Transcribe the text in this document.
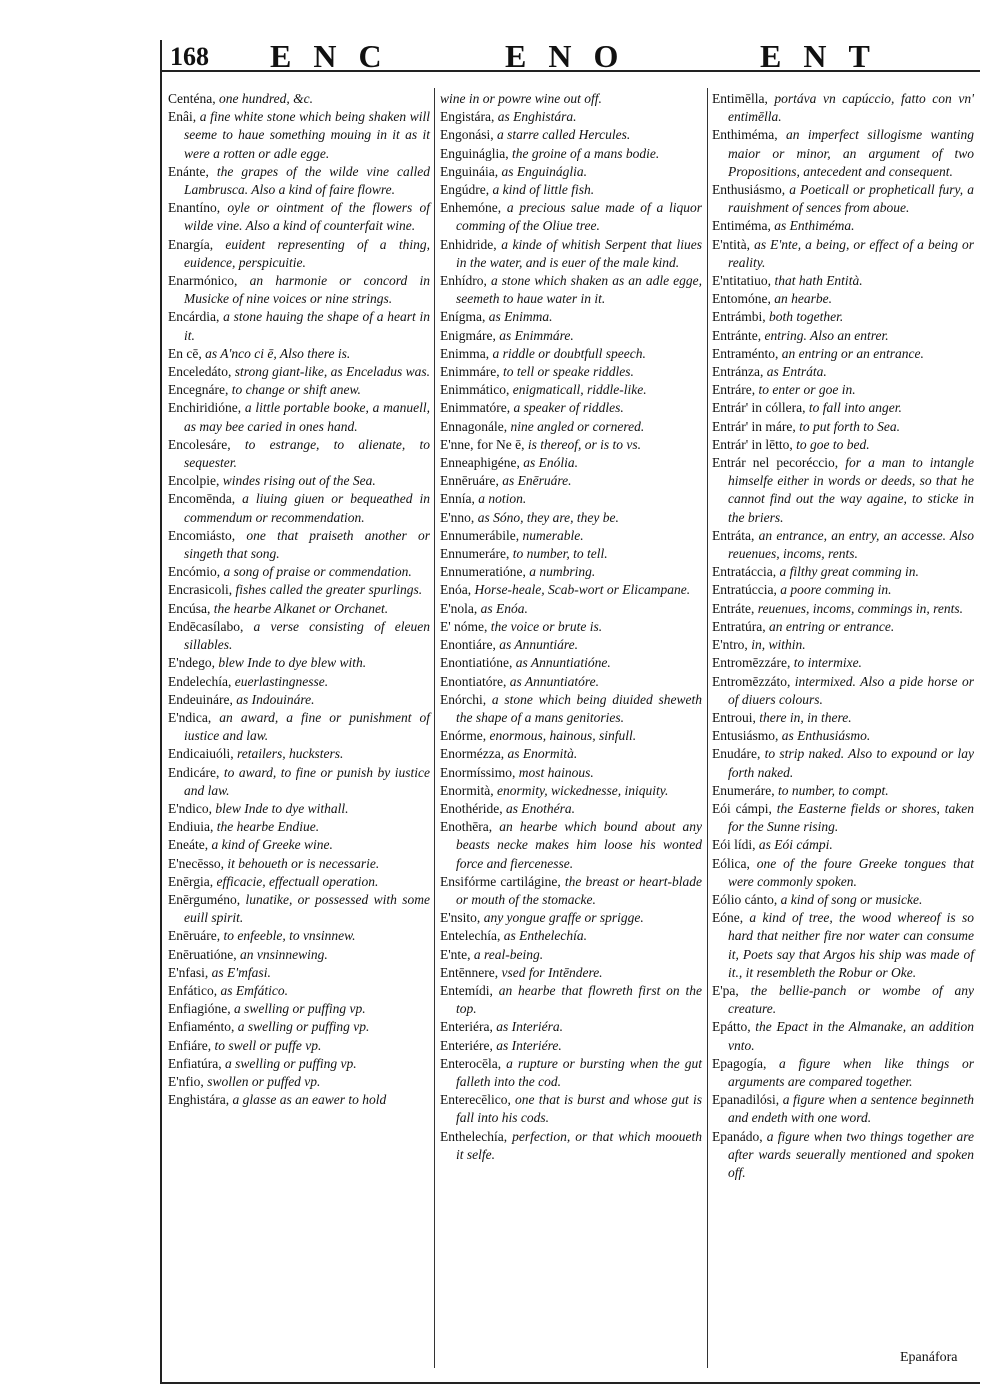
168 ENC	ENO	ENT
Centéna, one hundred, &c.
Enâi, a fine white stone which being shaken will seeme to haue something mouing in it as it were a rotten or adle egge.
Enánte, the grapes of the wilde vine called Lambrusca. Also a kind of faire flowre.
Enantíno, oyle or ointment of the flowers of wilde vine. Also a kind of counterfait wine.
Enargía, euident representing of a thing, euidence, perspicuitie.
Enarmónico, an harmonie or concord in Musicke of nine voices or nine strings.
Encárdia, a stone hauing the shape of a heart in it.
En cē, as A'nco ci ē, Also there is.
Enceledáto, strong giant-like, as Enceladus was.
Encegnáre, to change or shift anew.
Enchiridióne, a little portable booke, a manuell, as may bee caried in ones hand.
Encolesáre, to estrange, to alienate, to sequester.
Encolpie, windes rising out of the Sea.
Encomēnda, a liuing giuen or bequeathed in commendum or recommendation.
Encomiásto, one that praiseth another or singeth that song.
Encómio, a song of praise or commendation.
Encrasicoli, fishes called the greater spurlings.
Encúsa, the hearbe Alkanet or Orchanet.
Endēcasílabo, a verse consisting of eleuen sillables.
E'ndego, blew Inde to dye blew with.
Endelechía, euerlastingnesse.
Endeuináre, as Indouináre.
E'ndica, an award, a fine or punishment of iustice and law.
Endicaiuóli, retailers, hucksters.
Endicáre, to award, to fine or punish by iustice and law.
E'ndico, blew Inde to dye withall.
Endiuia, the hearbe Endiue.
Eneáte, a kind of Greeke wine.
E'necēsso, it behoueth or is necessarie.
Enērgia, efficacie, effectuall operation.
Enērguméno, lunatike, or possessed with some euill spirit.
Enēruáre, to enfeeble, to vnsinnew.
Enēruatióne, an vnsinnewing.
E'nfasi, as E'mfasi.
Enfático, as Emfático.
Enfiagióne, a swelling or puffing vp.
Enfiaménto, a swelling or puffing vp.
Enfiáre, to swell or puffe vp.
Enfiatúra, a swelling or puffing vp.
E'nfio, swollen or puffed vp.
Enghistára, a glasse as an eawer to hold
wine in or powre wine out off.
Engistára, as Enghistára.
Engonási, a starre called Hercules.
Enguináglia, the groine of a mans bodie.
Enguináia, as Enguináglia.
Engúdre, a kind of little fish.
Enhemóne, a precious salue made of a liquor comming of the Oliue tree.
Enhidride, a kinde of whitish Serpent that liues in the water, and is euer of the male kind.
Enhídro, a stone which shaken as an adle egge, seemeth to haue water in it.
Enígma, as Enimma.
Enigmáre, as Enimmáre.
Enimma, a riddle or doubtfull speech.
Enimmáre, to tell or speake riddles.
Enimmático, enigmaticall, riddle-like.
Enimmatóre, a speaker of riddles.
Ennagonále, nine angled or cornered.
E'nne, for Ne ē, is thereof, or is to vs.
Enneaphigéne, as Enólia.
Ennēruáre, as Enēruáre.
Ennía, a notion.
E'nno, as Sóno, they are, they be.
Ennumerábile, numerable.
Ennumeráre, to number, to tell.
Ennumeratióne, a numbring.
Enóa, Horse-heale, Scab-wort or Elicampane.
E'nola, as Enóa.
E' nóme, the voice or brute is.
Enontiáre, as Annuntiáre.
Enontiatióne, as Annuntiatióne.
Enontiatóre, as Annuntiatóre.
Enórchi, a stone which being diuided sheweth the shape of a mans genitories.
Enórme, enormous, hainous, sinfull.
Enormézza, as Enormità.
Enormíssimo, most hainous.
Enormità, enormity, wickednesse, iniquity.
Enothéride, as Enothéra.
Enothēra, an hearbe which bound about any beasts necke makes him loose his wonted force and fiercenesse.
Ensifórme cartilágine, the breast or heart-blade or mouth of the stomacke.
E'nsito, any yongue graffe or sprigge.
Entelechía, as Enthelechía.
E'nte, a real-being.
Entēnnere, vsed for Intēndere.
Entemídi, an hearbe that flowreth first on the top.
Enteriéra, as Interiéra.
Enteriére, as Interiére.
Enterocēla, a rupture or bursting when the gut falleth into the cod.
Enterecēlico, one that is burst and whose gut is fall into his cods.
Enthelechía, perfection, or that which mooueth it selfe.
Entimēlla, portáva vn capúccio, fatto con vn' entimēlla.
Enthiméma, an imperfect sillogisme wanting maior or minor, an argument of two Propositions, antecedent and consequent.
Enthusiásmo, a Poeticall or propheticall fury, a rauishment of sences from aboue.
Entiméma, as Enthiméma.
E'ntità, as E'nte, a being, or effect of a being or reality.
E'ntitatiuo, that hath Entità.
Entomóne, an hearbe.
Entrámbi, both together.
Entránte, entring. Also an entrer.
Entraménto, an entring or an entrance.
Entránza, as Entráta.
Entráre, to enter or goe in.
Entrár' in cóllera, to fall into anger.
Entrár' in máre, to put forth to Sea.
Entrár' in lētto, to goe to bed.
Entrár nel pecoréccio, for a man to intangle himselfe either in words or deeds, so that he cannot find out the way againe, to sticke in the briers.
Entráta, an entrance, an entry, an accesse. Also reuenues, incoms, rents.
Entratáccia, a filthy great comming in.
Entratúccia, a poore comming in.
Entráte, reuenues, incoms, commings in, rents.
Entratúra, an entring or entrance.
E'ntro, in, within.
Entromēzzáre, to intermixe.
Entromēzzáto, intermixed. Also a pide horse or of diuers colours.
Entroui, there in, in there.
Entusiásmo, as Enthusiásmo.
Enudáre, to strip naked. Also to expound or lay forth naked.
Enumeráre, to number, to compt.
Eói cámpi, the Easterne fields or shores, taken for the Sunne rising.
Eói lídi, as Eói cámpi.
Eólica, one of the foure Greeke tongues that were commonly spoken.
Eólio cánto, a kind of song or musicke.
Eóne, a kind of tree, the wood whereof is so hard that neither fire nor water can consume it, Poets say that Argos his ship was made of it., it resembleth the Robur or Oke.
E'pa, the bellie-panch or wombe of any creature.
Epátto, the Epact in the Almanake, an addition vnto.
Epagogía, a figure when like things or arguments are compared together.
Epanadilósi, a figure when a sentence beginneth and endeth with one word.
Epanádo, a figure when two things together are after wards seuerally mentioned and spoken off.
Epanáfora
